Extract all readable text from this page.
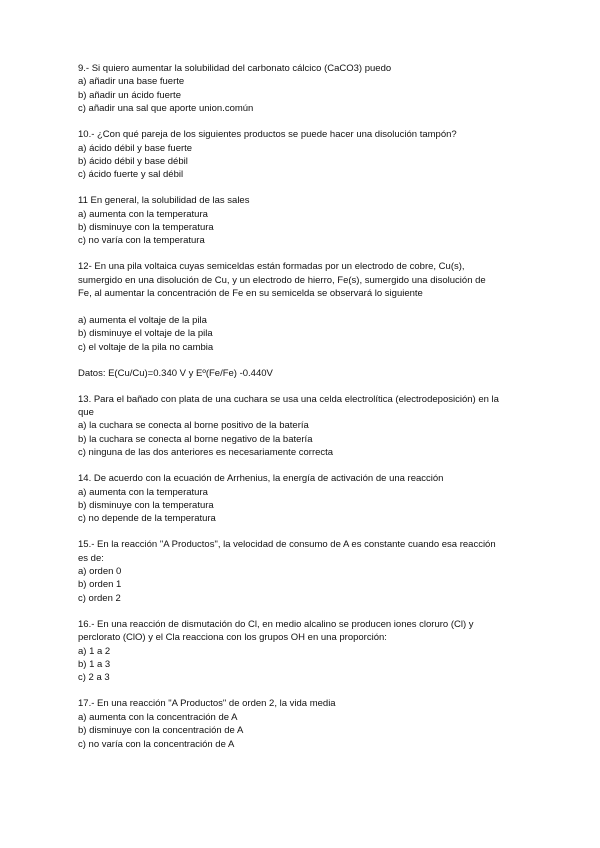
9.- Si quiero aumentar la solubilidad del carbonato cálcico (CaCO3) puedo

a) añadir una base fuerte

b) añadir un ácido fuerte

c) añadir una sal que aporte union.común

10.- ¿Con qué pareja de los siguientes productos se puede hacer una disolución tampón?

a) ácido débil y base fuerte

b) ácido débil y base débil

c) ácido fuerte y sal débil

11 En general, la solubilidad de las sales

a) aumenta con la temperatura

b) disminuye con la temperatura

c) no varía con la temperatura

12- En una pila voltaica cuyas semiceldas están formadas por un electrodo de cobre, Cu(s),

sumergido en una disolución de Cu, y un electrodo de hierro, Fe(s), sumergido una disolución de

Fe, al aumentar la concentración de Fe en su semicelda se observará lo siguiente

a) aumenta el voltaje de la pila

b) disminuye el voltaje de la pila

c) el voltaje de la pila no cambia

Datos: E(Cu/Cu)=0.340 V y Eº(Fe/Fe) -0.440V

13. Para el bañado con plata de una cuchara se usa una celda electrolítica (electrodeposición) en la

que

a) la cuchara se conecta al borne positivo de la batería

b) la cuchara se conecta al borne negativo de la batería

c) ninguna de las dos anteriores es necesariamente correcta

14. De acuerdo con la ecuación de Arrhenius, la energía de activación de una reacción

a) aumenta con la temperatura

b) disminuye con la temperatura

c) no depende de la temperatura

15.- En la reacción "A Productos", la velocidad de consumo de A es constante cuando esa reacción

es de:

a) orden 0

b) orden 1

c) orden 2

16.- En una reacción de dismutación do Cl, en medio alcalino se producen iones cloruro (Cl) y

perclorato (ClO) y el Cla reacciona con los grupos OH en una proporción:

a) 1 a 2

b) 1 a 3

c) 2 a 3

17.- En una reacción "A Productos" de orden 2, la vida media

a) aumenta con la concentración de A

b) disminuye con la concentración de A

c) no varía con la concentración de A
